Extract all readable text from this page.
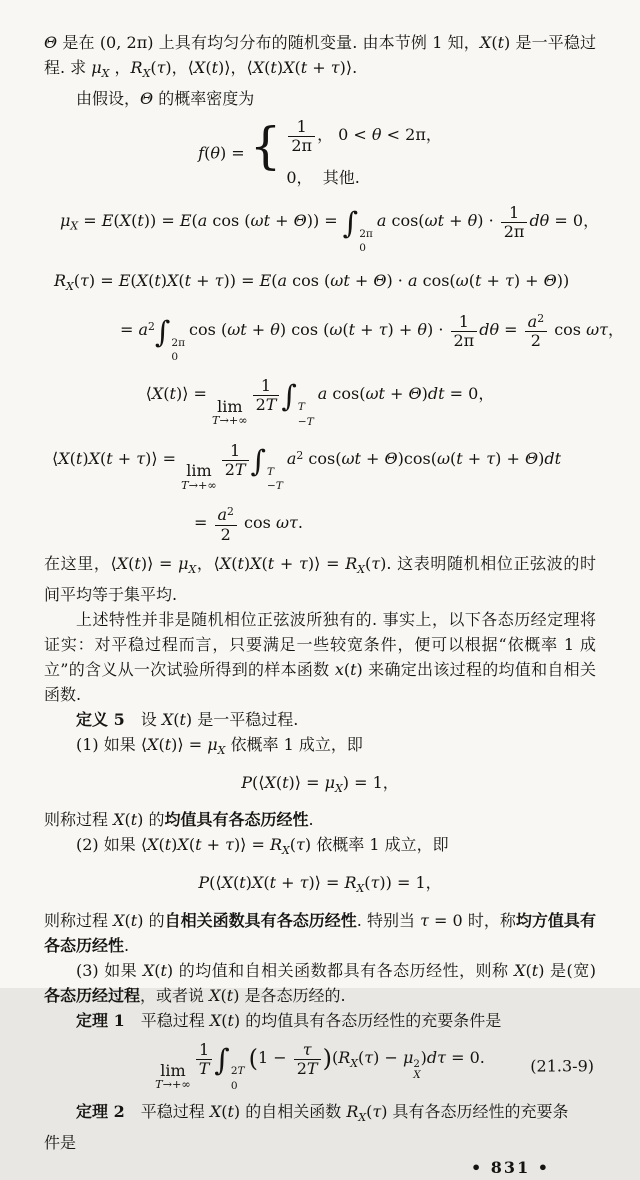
Θ 是在 (0, 2π) 上具有均匀分布的随机变量. 由本节例 1 知，X(t) 是一平稳过程. 求 $\mu_X$ ，$R_X(\tau)$，⟨X(t)⟩，⟨X(t)X(t + τ)⟩.
由假设，Θ 的概率密度为
f(θ) = { $\frac{1}{2\pi}$ ， 0 < θ < 2π，
0，  其他.
$\mu_X = E(X(t)) = E(a$ cos (ωt + Θ)) = ∫ 2π
0
a $\cos(\omega t + \theta) \cdot \frac{1}{2\pi}$ dθ = 0，
$R_X(\tau) = E(X(t)X(t + \tau)) = E(a$ cos (ωt + Θ) · a cos(ω(t + τ) + Θ))
= $a^2\int$ 2π
0
cos (ωt + θ) $\cos (\omega(t + \tau) + \theta) \cdot \frac{1}{2\pi}$ $d\theta = \frac{a^2}{2}$ cos ωτ，
⟨X(t)⟩ =
lim
T→+∞
$\frac{1}{2T}$ ∫ T
−T
a cos(ωt + Θ)dt = 0，
⟨X(t)X(t + τ)⟩ =
lim
T→+∞
$\frac{1}{2T}$ ∫ T
−T
$a^2$ cos(ωt + Θ)cos(ω(t + τ) + Θ)dt
= $\frac{a^2}{2}$ cos ωτ.
在这里，⟨X(t)⟩ = $\mu_X$，⟨X(t)X(t + τ)⟩ = $R_X(\tau)$. 这表明随机相位正弦波的时间平均等于集平均.
上述特性并非是随机相位正弦波所独有的. 事实上，以下各态历经定理将证实：对平稳过程而言，只要满足一些较宽条件，便可以根据“依概率 1 成立”的含义从一次试验所得到的样本函数 x(t) 来确定出该过程的均值和自相关函数.
定义 5　设 X(t) 是一平稳过程.
(1) 如果 ⟨X(t)⟩ = $\mu_X$ 依概率 1 成立，即
P(⟨X(t)⟩ = $\mu_X) = 1$，
则称过程 X(t) 的均值具有各态历经性.
(2) 如果 ⟨X(t)X(t + τ)⟩ = $R_X(\tau)$ 依概率 1 成立，即
P(⟨X(t)X(t + τ)⟩ = $R_X(\tau)) = 1$，
则称过程 X(t) 的自相关函数具有各态历经性. 特别当 τ = 0 时，称均方值具有各态历经性.
(3) 如果 X(t) 的均值和自相关函数都具有各态历经性，则称 X(t) 是(宽)各态历经过程，或者说 X(t) 是各态历经的.
定理 1　平稳过程 X(t) 的均值具有各态历经性的充要条件是
lim
T→+∞
$\frac{1}{T}$ ∫ 2T
0
$(1 - \frac{\tau}{2T} )(R_X(\tau) - \mu$ 2
X
)dτ = 0.	(21.3-9)
定理 2　平稳过程 X(t) 的自相关函数 $R_X(\tau)$ 具有各态历经性的充要条
件是
• 831 •
